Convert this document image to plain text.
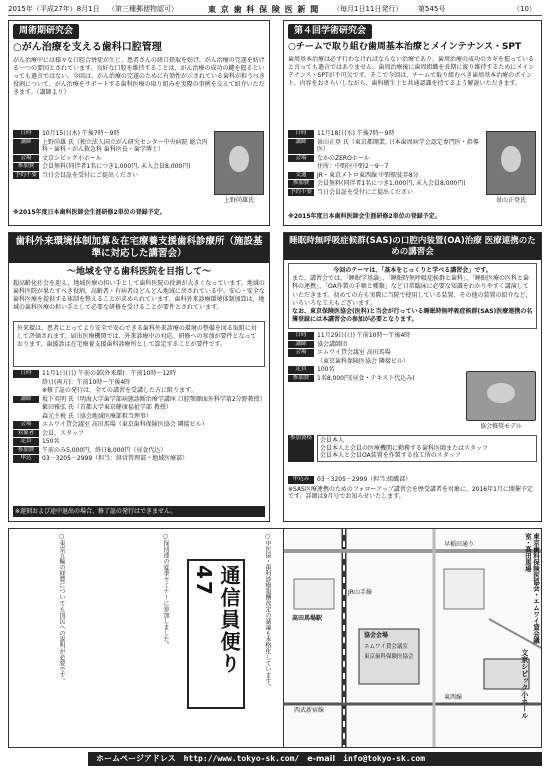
2015年（平成27年）8月1日 （第三種郵便物認可）	東 京 歯 科 保 険 医 新 聞 （毎月1日11日発行） 第545号	（10）
周術期研究会
○がん治療を支える歯科口腔管理
がん治療中には様々な口腔合併症が生じ、患者さんの経口摂取を妨げ、がん治療の完遂を妨げる一つの要因とされています。良好な口腔を維持することは、がん治療の成功の鍵を握るといっても過言ではない。今回は、がん治療の完遂のために有効性が示されている歯科が担うべき役割について、がん治療をサポートする歯科医療の取り組みを実際の事例を交えて紹介いただきます。（講師より）
日時	10月15日(木) 午後7時～9時
講師	上野尚雄 氏（独立法人国立がん研究センター中央病院 総合内科・歯科・がん救急科 歯科医長・歯学博士）
会場	文京シビック小ホール
参加費	会員無料(同伴者1名につき1,000円, 未入会員8,000円)
予約不要 当日会員証を受付にご提出ください
※2015年度日本歯科医師会生涯研修2単位の登録予定。
上野尚雄氏
第４回学術研究会
○チームで取り組む歯周基本治療とメインテナンス・SPT
歯周基本治療は必ず行わなければならない治療であり、歯周治療の成功のカギを握っていると言っても過言ではありません。歯周治療後に歯周組織を長期に渡り維持するためにメインテナンス・SPTが不可欠です。そこで今回は、チームで取り組むべき歯周基本治療のポイント、内容をおさらいしながら、歯科衛生士と共通認識を持てるよう解説いただきます。
日時	11月18日(水) 午後7時～9時
講師	景山正登 氏（東京都開業, 日本歯周病学会認定専門医・指導医）
会場	なかのZEROホール
住所：中野区中野2－9－7
交通	JR・東京メトロ東西線 中野駅徒歩8分
参加費	会員無料(同伴者1名につき1,000円, 未入会員8,000円)
予約不要 当日会員証を受付にご提出ください
※2015年度日本歯科医師会生涯研修2単位の登録予定。
景山正登氏
歯科外来環境体制加算＆在宅療養支援歯科診療所（施設基準に対応した講習会）
～地域を守る歯科医院を目指して～
超高齢化社会を迎え、地域医療の担い手として歯科医院の役割が大きくなっています。地域の歯科医院が果たすべき役割、高齢者・有病者はどんどん地域に戻されている中、安心・安全な歯科医療を提供する体制を整えることが求められています。歯科外来診療環境体制加算は、地域の歯科医療の担い手として必要な研修を受けることが要件とされています。
外来環は、患者にとってより安全で安心できる歯科外来診療の環境の整備を図る取組に対して評価されます。届出医療機関では、外来診療中の対応、研修への参加が要件となっております。歯援診は在宅療養支援歯科診療所として算定することが要件です。
日時	11月1日(日) 午前の部(外来環)：午前10時～12時
終日(両方)：午前10時～午後4時
※修了証の発行は、全ての講習を受講した方に限ります。
講師	坂下英明 氏（明海大学歯学部病態診断治療学講座 口腔顎顔面外科学第2分野教授）
繁田雅弘 氏（首都大学東京健康福祉学部 教授）
森元主税 氏（協会地域医療部担当理事）
会場	エムワイ貸会議室 高田馬場（東京歯科保険医協会 隣接ビル）
対象者	会員、スタッフ
定員	150名
参加費	午前のみ5,000円、終日8,000円（昼食代込）
申込	03－3205－2999（担当：経営管理部・地域医療部）
※遅刻および途中退出の場合、修了証の発行はできません。
睡眠時無呼吸症候群(SAS)の口腔内装置(OA)治療 医療連携のための講習会
今回のテーマは、「基本をじっくりと学べる講習会」です。
また、講習会では、「睡眠学基論」、「睡眠時無呼吸症候群と歯科」、「睡眠医療の医科と歯科の連携」、「OA作製の手順と種類」など日常臨床に必要な知識をわかりやすく講演していただきます。初めての方も実際に当院で使用している装置、その他の装置の紹介など、いろいろな工夫もございます。
なお、東京保険医協会(医科)と当会が行っている睡眠時無呼吸症候群(SAS)医療連携の名簿登録には本講習会の参加が必要となります。
日時	11月29日(日) 午前10時～午後4時
講師	協会講師団
会場	エムワイ貸会議室 高田馬場
（東京歯科保険医協会 隣接ビル）
定員	100名
参加費	1名8,000円(昼食・テキスト代込み)
協会推奨モデル
参加資格	会員本人
会員本人と会員の医療機関に勤務する歯科医師またはスタッフ
会員本人と会員OA装置を作製する技工所のスタッフ
申込み	03－3205－2999（担当:組織部）
※SAS医療連携のためのフォローアップ講習会を歴受講者を対象に、2016年1月に開催予定です。詳細は9月号でお知らせいたします。
○中医協・歯科診療報酬改定の議論も本格化しています。
通信員便り47
○保団連の夏季セミナーに参加しました。
○東京五輪の経費についても国民への説明が必要です。	高田馬場駅
早稲田通り
協会会場
東西線
JR山手線
西武新宿線
エムワイ貸会議室
東京歯科保険医協会
東京歯科保険医協会・エムワイ貸会議室・高田馬場
文京シビック小ホール
ホームページアドレス http://www.tokyo-sk.com/ e-mail info@tokyo-sk.com
